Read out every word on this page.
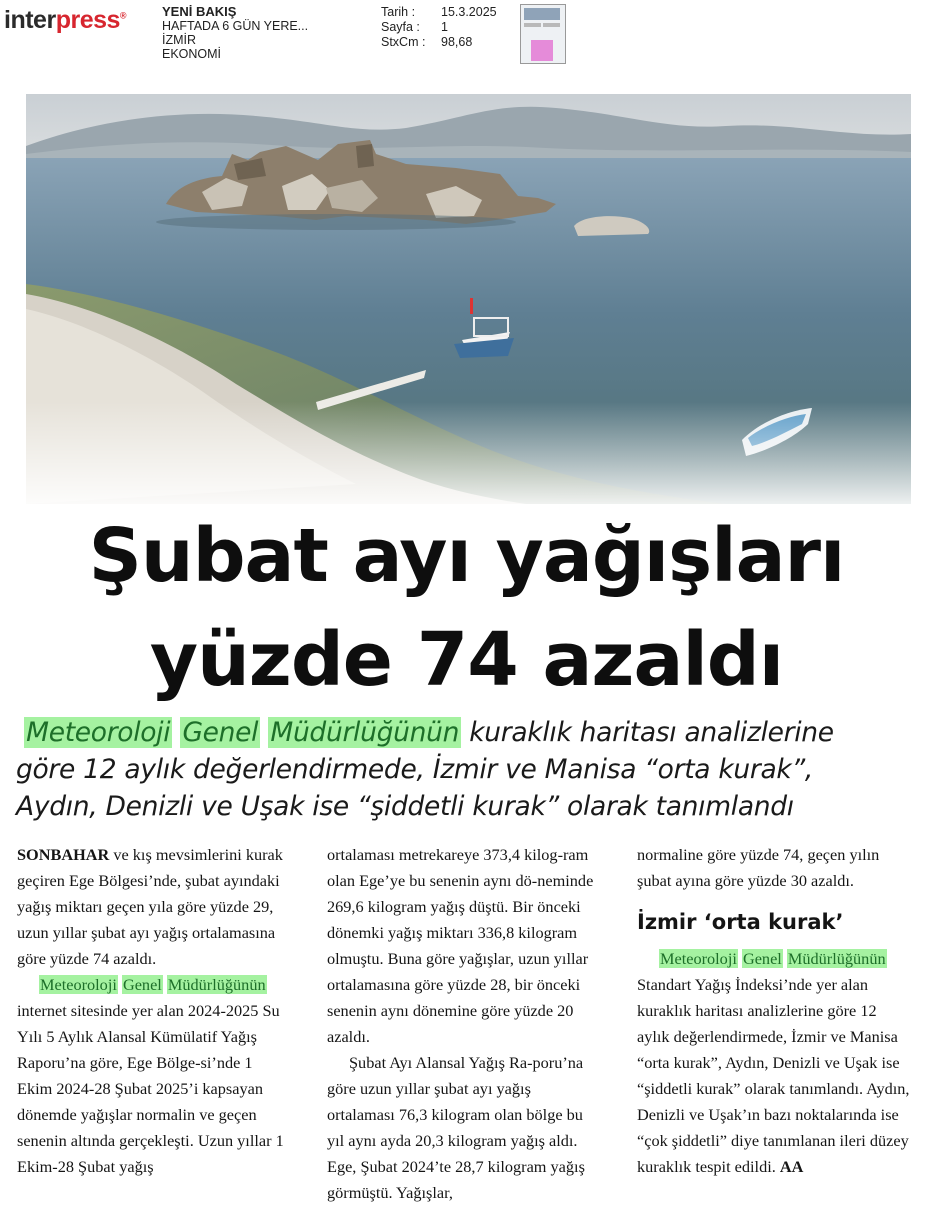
interpress®	YENİ BAKIŞ
HAFTADA 6 GÜN YERE...
İZMİR
EKONOMİ
Tarih :	15.3.2025
Sayfa :	1
StxCm :	98,68
Şubat ayı yağışları
yüzde 74 azaldı
Meteoroloji Genel Müdürlüğünün kuraklık haritası analizlerine
göre 12 aylık değerlendirmede, İzmir ve Manisa “orta kurak”,
Aydın, Denizli ve Uşak ise “şiddetli kurak” olarak tanımlandı

SONBAHAR ve kış mevsimlerini kurak geçiren Ege Bölgesi’nde, şubat ayındaki yağış miktarı geçen yıla göre yüzde 29, uzun yıllar şubat ayı yağış ortalamasına göre yüzde 74 azaldı.

Meteoroloji Genel Müdürlüğünün internet sitesinde yer alan 2024-2025 Su Yılı 5 Aylık Alansal Kümülatif Yağış Raporu’na göre, Ege Bölge-si’nde 1 Ekim 2024-28 Şubat 2025’i kapsayan dönemde yağışlar normalin ve geçen senenin altında gerçekleşti. Uzun yıllar 1 Ekim-28 Şubat yağış

ortalaması metrekareye 373,4 kilog-ram olan Ege’ye bu senenin aynı dö-neminde 269,6 kilogram yağış düştü. Bir önceki dönemki yağış miktarı 336,8 kilogram olmuştu. Buna göre yağışlar, uzun yıllar ortalamasına göre yüzde 28, bir önceki senenin aynı dönemine göre yüzde 20 azaldı.

Şubat Ayı Alansal Yağış Ra-poru’na göre uzun yıllar şubat ayı yağış ortalaması 76,3 kilogram olan bölge bu yıl aynı ayda 20,3 kilogram yağış aldı. Ege, Şubat 2024’te 28,7 kilogram yağış görmüştü. Yağışlar,

normaline göre yüzde 74, geçen yılın şubat ayına göre yüzde 30 azaldı.

İzmir ‘orta kurak’

Meteoroloji Genel Müdürlüğünün Standart Yağış İndeksi’nde yer alan kuraklık haritası analizlerine göre 12 aylık değerlendirmede, İzmir ve Manisa “orta kurak”, Aydın, Denizli ve Uşak ise “şiddetli kurak” olarak tanımlandı. Aydın, Denizli ve Uşak’ın bazı noktalarında ise “çok şiddetli” diye tanımlanan ileri düzey kuraklık tespit edildi. AA
